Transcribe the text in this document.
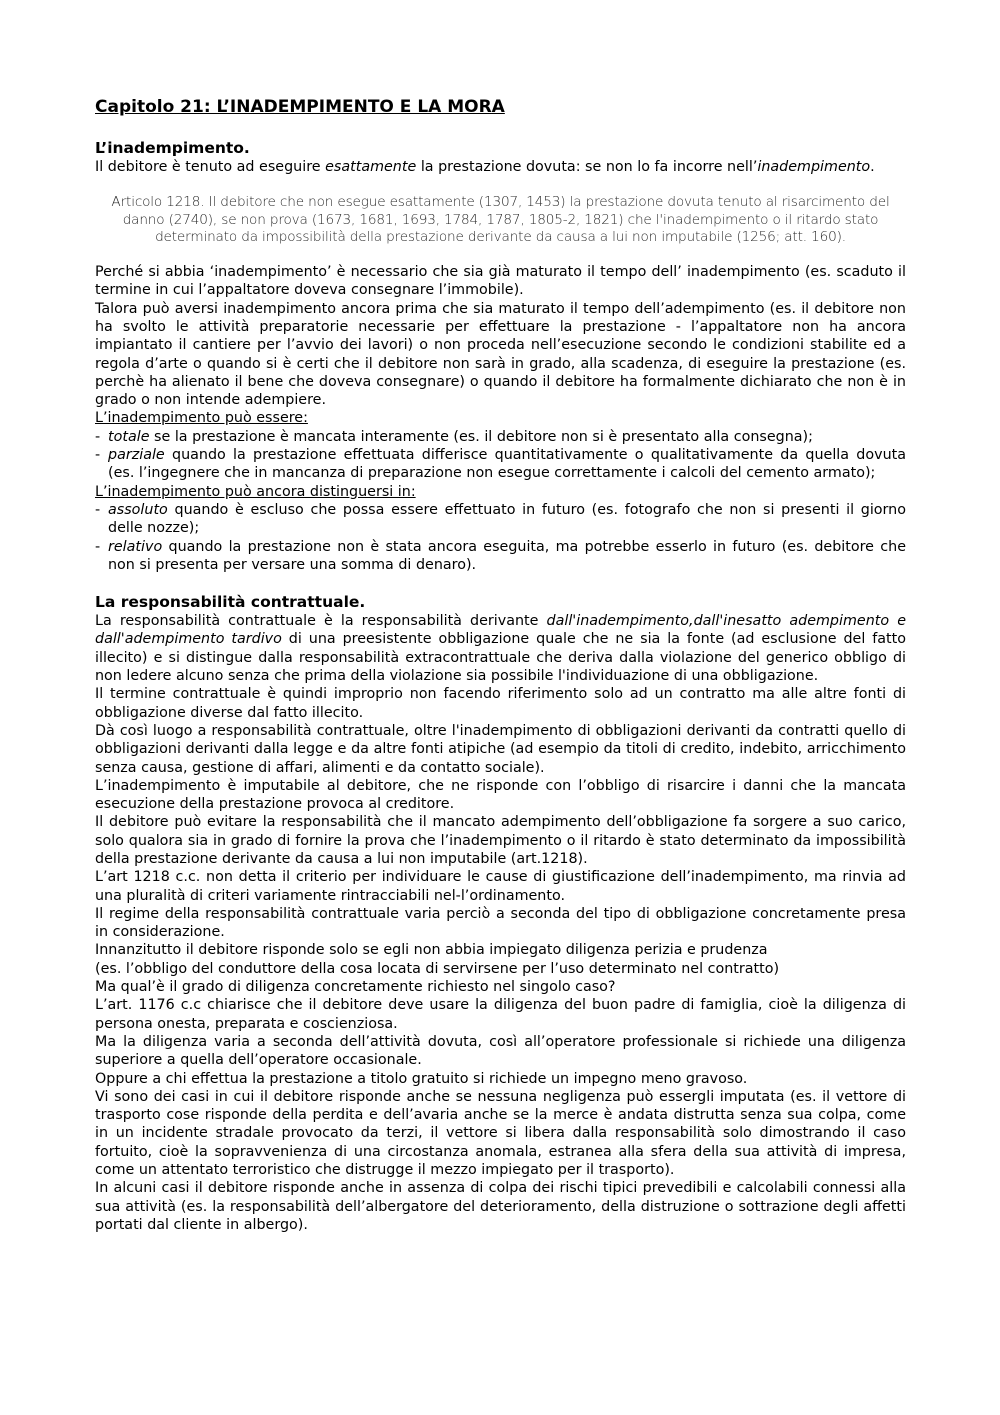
Capitolo 21: L’INADEMPIMENTO E LA MORA
L’inadempimento.

Il debitore è tenuto ad eseguire esattamente la prestazione dovuta: se non lo fa incorre nell’inadempimento.

Articolo 1218. Il debitore che non esegue esattamente (1307, 1453) la prestazione dovuta tenuto al risarcimento del danno (2740), se non prova (1673, 1681, 1693, 1784, 1787, 1805-2, 1821) che l'inadempimento o il ritardo stato determinato da impossibilità della prestazione derivante da causa a lui non imputabile (1256; att. 160).

Perché si abbia ‘inadempimento’ è necessario che sia già maturato il tempo dell’ inadempimento (es. scaduto il termine in cui l’appaltatore doveva consegnare l’immobile).

Talora può aversi inadempimento ancora prima che sia maturato il tempo dell’adempimento (es. il debitore non ha svolto le attività preparatorie necessarie per effettuare la prestazione - l’appaltatore non ha ancora impiantato il cantiere per l’avvio dei lavori) o non proceda nell’esecuzione secondo le condizioni stabilite ed a regola d’arte o quando si è certi che il debitore non sarà in grado, alla scadenza, di eseguire la prestazione (es. perchè ha alienato il bene che doveva consegnare) o quando il debitore ha formalmente dichiarato che non è in grado o non intende adempiere.

L’inadempimento può essere:

- totale se la prestazione è mancata interamente (es. il debitore non si è presentato alla consegna);
- parziale quando la prestazione effettuata differisce quantitativamente o qualitativamente da quella dovuta (es. l’ingegnere che in mancanza di preparazione non esegue correttamente i calcoli del cemento armato);

L’inadempimento può ancora distinguersi in:

- assoluto quando è escluso che possa essere effettuato in futuro (es. fotografo che non si presenti il giorno delle nozze);
- relativo quando la prestazione non è stata ancora eseguita, ma potrebbe esserlo in futuro (es. debitore che non si presenta per versare una somma di denaro).
La responsabilità contrattuale.

La responsabilità contrattuale è la responsabilità derivante dall'inadempimento,dall'inesatto adempimento e dall'adempimento tardivo di una preesistente obbligazione quale che ne sia la fonte (ad esclusione del fatto illecito) e si distingue dalla responsabilità extracontrattuale che deriva dalla violazione del generico obbligo di non ledere alcuno senza che prima della violazione sia possibile l'individuazione di una obbligazione.

Il termine contrattuale è quindi improprio non facendo riferimento solo ad un contratto ma alle altre fonti di obbligazione diverse dal fatto illecito.

Dà così luogo a responsabilità contrattuale, oltre l'inadempimento di obbligazioni derivanti da contratti quello di obbligazioni derivanti dalla legge e da altre fonti atipiche (ad esempio da titoli di credito, indebito, arricchimento senza causa, gestione di affari, alimenti e da contatto sociale).

L’inadempimento è imputabile al debitore, che ne risponde con l’obbligo di risarcire i danni che la mancata esecuzione della prestazione provoca al creditore.

Il debitore può evitare la responsabilità che il mancato adempimento dell’obbligazione fa sorgere a suo carico, solo qualora sia in grado di fornire la prova che l’inadempimento o il ritardo è stato determinato da impossibilità della prestazione derivante da causa a lui non imputabile (art.1218).

L’art 1218 c.c. non detta il criterio per individuare le cause di giustificazione dell’inadempimento, ma rinvia ad una pluralità di criteri variamente rintracciabili nel-l’ordinamento.

Il regime della responsabilità contrattuale varia perciò a seconda del tipo di obbligazione concretamente presa in considerazione.

Innanzitutto il debitore risponde solo se egli non abbia impiegato diligenza perizia e prudenza

(es. l’obbligo del conduttore della cosa locata di servirsene per l’uso determinato nel contratto)

Ma qual’è il grado di diligenza concretamente richiesto nel singolo caso?

L’art. 1176 c.c chiarisce che il debitore deve usare la diligenza del buon padre di famiglia, cioè la diligenza di persona onesta, preparata e coscienziosa.

Ma la diligenza varia a seconda dell’attività dovuta, così all’operatore professionale si richiede una diligenza superiore a quella dell’operatore occasionale.

Oppure a chi effettua la prestazione a titolo gratuito si richiede un impegno meno gravoso.

Vi sono dei casi in cui il debitore risponde anche se nessuna negligenza può essergli imputata (es. il vettore di trasporto cose risponde della perdita e dell’avaria anche se la merce è andata distrutta senza sua colpa, come in un incidente stradale provocato da terzi, il vettore si libera dalla responsabilità solo dimostrando il caso fortuito, cioè la sopravvenienza di una circostanza anomala, estranea alla sfera della sua attività di impresa, come un attentato terroristico che distrugge il mezzo impiegato per il trasporto).

In alcuni casi il debitore risponde anche in assenza di colpa dei rischi tipici prevedibili e calcolabili connessi alla sua attività (es. la responsabilità dell’albergatore del deterioramento, della distruzione o sottrazione degli affetti portati dal cliente in albergo).
